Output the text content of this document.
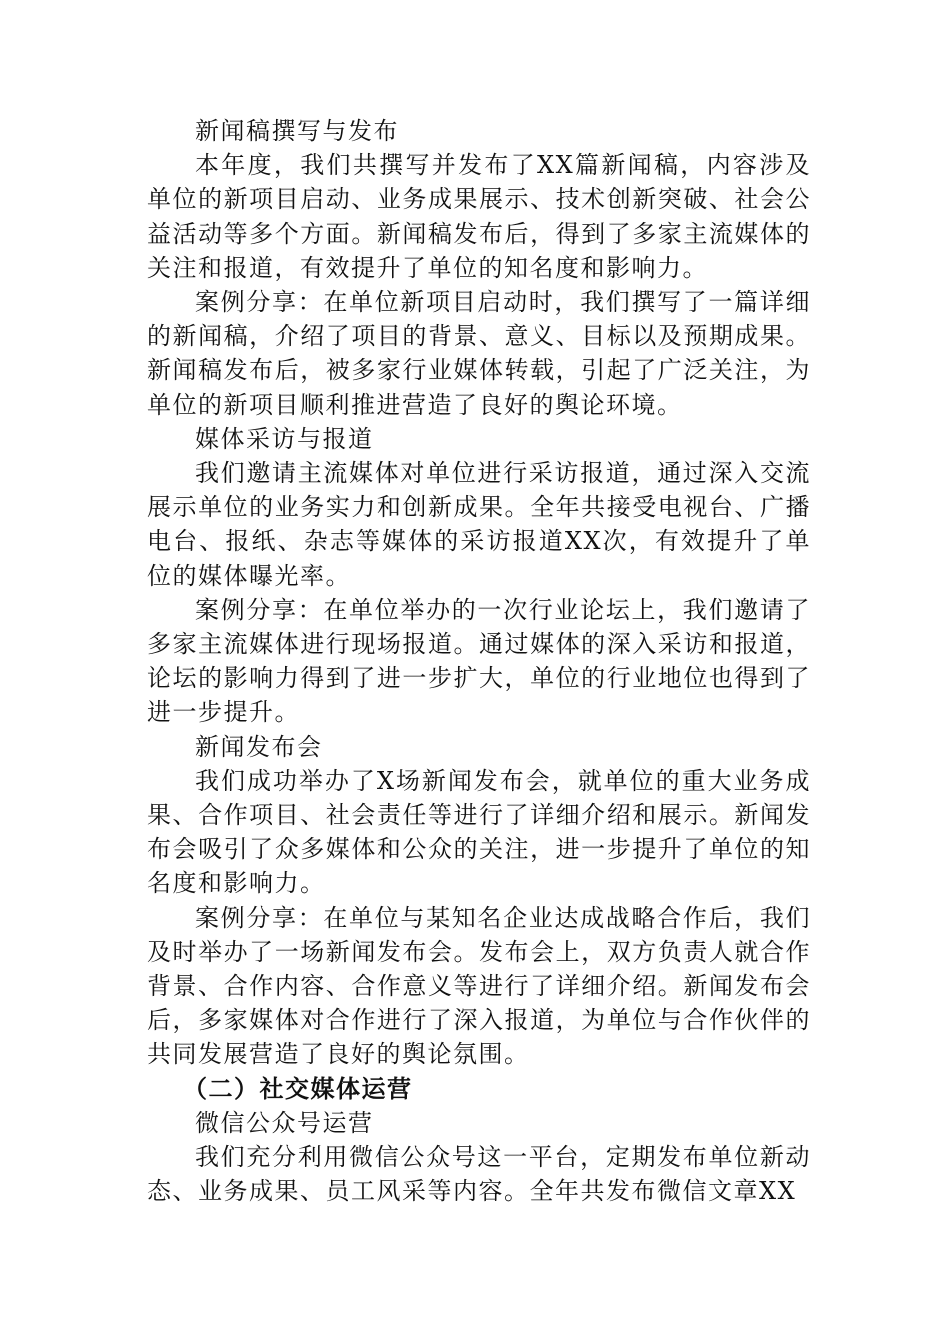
新闻稿撰写与发布

本年度，我们共撰写并发布了XX篇新闻稿，内容涉及单位的新项目启动、业务成果展示、技术创新突破、社会公益活动等多个方面。新闻稿发布后，得到了多家主流媒体的关注和报道，有效提升了单位的知名度和影响力。

案例分享：在单位新项目启动时，我们撰写了一篇详细的新闻稿，介绍了项目的背景、意义、目标以及预期成果。新闻稿发布后，被多家行业媒体转载，引起了广泛关注，为单位的新项目顺利推进营造了良好的舆论环境。

媒体采访与报道

我们邀请主流媒体对单位进行采访报道，通过深入交流展示单位的业务实力和创新成果。全年共接受电视台、广播电台、报纸、杂志等媒体的采访报道XX次，有效提升了单位的媒体曝光率。

案例分享：在单位举办的一次行业论坛上，我们邀请了多家主流媒体进行现场报道。通过媒体的深入采访和报道，论坛的影响力得到了进一步扩大，单位的行业地位也得到了进一步提升。

新闻发布会

我们成功举办了X场新闻发布会，就单位的重大业务成果、合作项目、社会责任等进行了详细介绍和展示。新闻发布会吸引了众多媒体和公众的关注，进一步提升了单位的知名度和影响力。

案例分享：在单位与某知名企业达成战略合作后，我们及时举办了一场新闻发布会。发布会上，双方负责人就合作背景、合作内容、合作意义等进行了详细介绍。新闻发布会后，多家媒体对合作进行了深入报道，为单位与合作伙伴的共同发展营造了良好的舆论氛围。

（二）社交媒体运营

微信公众号运营

我们充分利用微信公众号这一平台，定期发布单位新动态、业务成果、员工风采等内容。全年共发布微信文章XX
